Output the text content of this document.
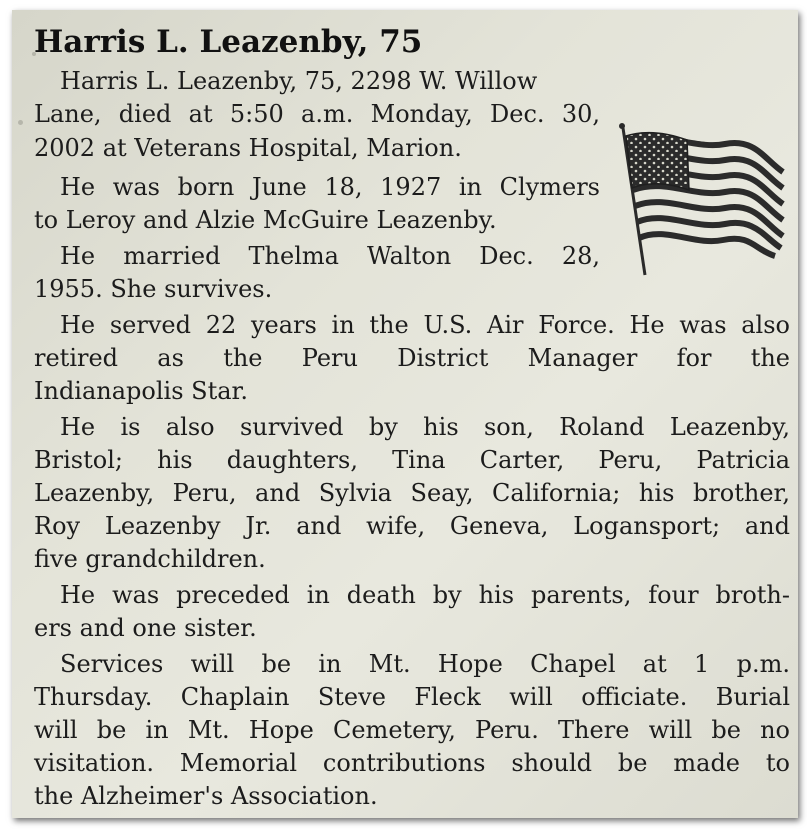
Harris L. Leazenby, 75

Harris L. Leazenby, 75, 2298 W. Willow

Lane, died at 5:50 a.m. Monday, Dec. 30,

2002 at Veterans Hospital, Marion.

He was born June 18, 1927 in Clymers

to Leroy and Alzie McGuire Leazenby.

He married Thelma Walton Dec. 28,

1955. She survives.

He served 22 years in the U.S. Air Force. He was also

retired as the Peru District Manager for the

Indianapolis Star.

He is also survived by his son, Roland Leazenby,

Bristol; his daughters, Tina Carter, Peru, Patricia

Leazenby, Peru, and Sylvia Seay, California; his brother,

Roy Leazenby Jr. and wife, Geneva, Logansport; and

five grandchildren.

He was preceded in death by his parents, four broth-

ers and one sister.

Services will be in Mt. Hope Chapel at 1 p.m.

Thursday. Chaplain Steve Fleck will officiate. Burial

will be in Mt. Hope Cemetery, Peru. There will be no

visitation. Memorial contributions should be made to

the Alzheimer's Association.
